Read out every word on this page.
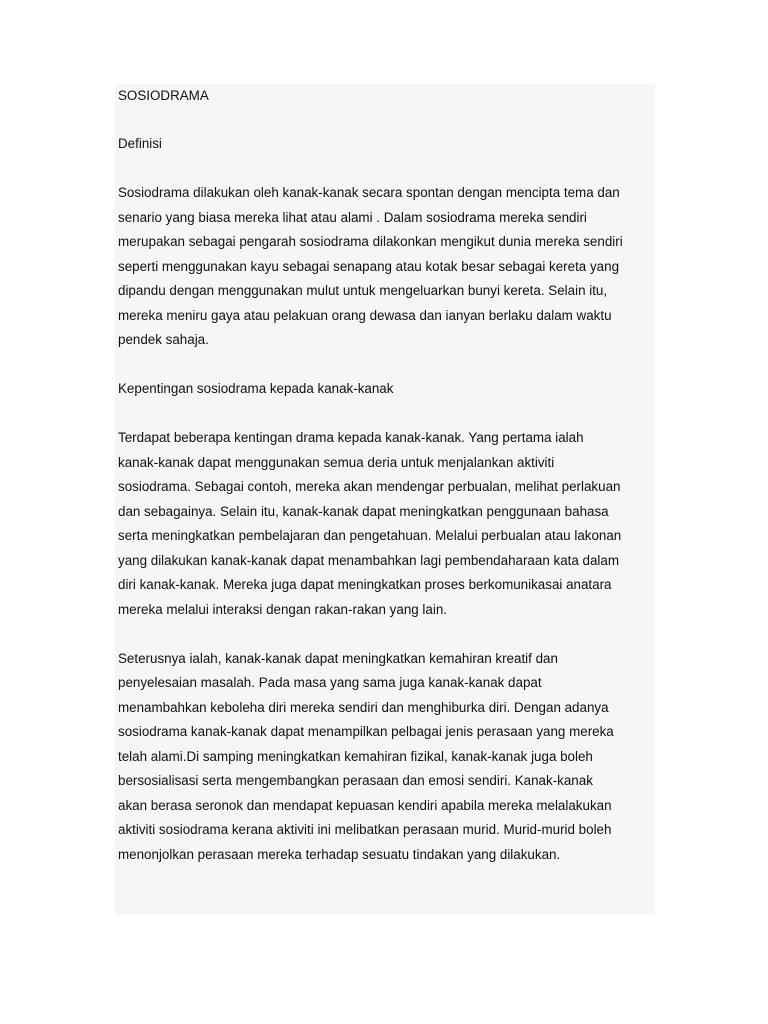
SOSIODRAMA

Definisi

Sosiodrama dilakukan oleh kanak-kanak secara spontan dengan mencipta tema dan

senario yang biasa mereka lihat atau alami . Dalam sosiodrama mereka sendiri

merupakan sebagai pengarah sosiodrama dilakonkan mengikut dunia mereka sendiri

seperti menggunakan kayu sebagai senapang atau kotak besar sebagai kereta yang

dipandu dengan menggunakan mulut untuk mengeluarkan bunyi kereta. Selain itu,

mereka meniru gaya atau pelakuan orang dewasa dan ianyan berlaku dalam waktu

pendek sahaja.

Kepentingan sosiodrama kepada kanak-kanak

Terdapat beberapa kentingan drama kepada kanak-kanak. Yang pertama ialah

kanak-kanak dapat menggunakan semua deria untuk menjalankan aktiviti

sosiodrama. Sebagai contoh, mereka akan mendengar perbualan, melihat perlakuan

dan sebagainya. Selain itu, kanak-kanak dapat meningkatkan penggunaan bahasa

serta meningkatkan pembelajaran dan pengetahuan. Melalui perbualan atau lakonan

yang dilakukan kanak-kanak dapat menambahkan lagi pembendaharaan kata dalam

diri kanak-kanak. Mereka juga dapat meningkatkan proses berkomunikasai anatara

mereka melalui interaksi dengan rakan-rakan yang lain.

Seterusnya ialah, kanak-kanak dapat meningkatkan kemahiran kreatif dan

penyelesaian masalah. Pada masa yang sama juga kanak-kanak dapat

menambahkan keboleha diri mereka sendiri dan menghiburka diri. Dengan adanya

sosiodrama kanak-kanak dapat menampilkan pelbagai jenis perasaan yang mereka

telah alami.Di samping meningkatkan kemahiran fizikal, kanak-kanak juga boleh

bersosialisasi serta mengembangkan perasaan dan emosi sendiri. Kanak-kanak

akan berasa seronok dan mendapat kepuasan kendiri apabila mereka melalakukan

aktiviti sosiodrama kerana aktiviti ini melibatkan perasaan murid. Murid-murid boleh

menonjolkan perasaan mereka terhadap sesuatu tindakan yang dilakukan.
